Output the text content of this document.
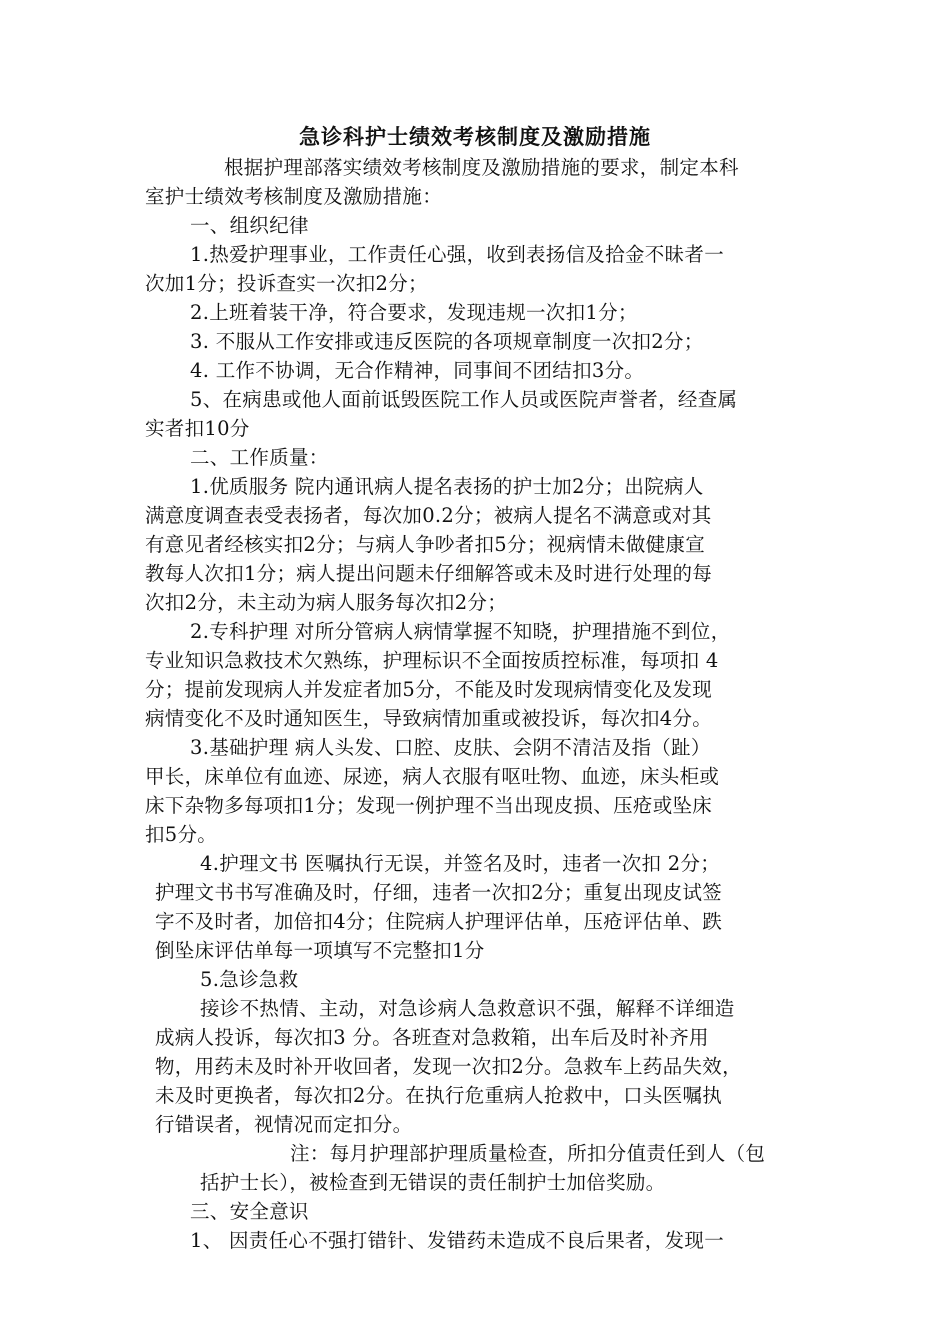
急诊科护士绩效考核制度及激励措施
根据护理部落实绩效考核制度及激励措施的要求，制定本科
室护士绩效考核制度及激励措施：
一、组织纪律
1.热爱护理事业，工作责任心强，收到表扬信及拾金不昧者一
次加1分；投诉查实一次扣2分；
2.上班着装干净，符合要求，发现违规一次扣1分；
3. 不服从工作安排或违反医院的各项规章制度一次扣2分；
4. 工作不协调，无合作精神，同事间不团结扣3分。
5、在病患或他人面前诋毁医院工作人员或医院声誉者，经查属
实者扣10分
二、工作质量：
1.优质服务 院内通讯病人提名表扬的护士加2分；出院病人
满意度调查表受表扬者，每次加0.2分；被病人提名不满意或对其
有意见者经核实扣2分；与病人争吵者扣5分；视病情未做健康宣
教每人次扣1分；病人提出问题未仔细解答或未及时进行处理的每
次扣2分，未主动为病人服务每次扣2分；
2.专科护理 对所分管病人病情掌握不知晓，护理措施不到位，
专业知识急救技术欠熟练，护理标识不全面按质控标准，每项扣 4
分；提前发现病人并发症者加5分，不能及时发现病情变化及发现
病情变化不及时通知医生，导致病情加重或被投诉，每次扣4分。
3.基础护理 病人头发、口腔、皮肤、会阴不清洁及指（趾）
甲长，床单位有血迹、尿迹，病人衣服有呕吐物、血迹，床头柜或
床下杂物多每项扣1分；发现一例护理不当出现皮损、压疮或坠床
扣5分。
4.护理文书 医嘱执行无误，并签名及时，违者一次扣 2分；
护理文书书写准确及时，仔细，违者一次扣2分；重复出现皮试签
字不及时者，加倍扣4分；住院病人护理评估单，压疮评估单、跌
倒坠床评估单每一项填写不完整扣1分
5.急诊急救
接诊不热情、主动，对急诊病人急救意识不强，解释不详细造
成病人投诉，每次扣3 分。各班查对急救箱，出车后及时补齐用
物，用药未及时补开收回者，发现一次扣2分。急救车上药品失效，
未及时更换者，每次扣2分。在执行危重病人抢救中，口头医嘱执
行错误者，视情况而定扣分。
注：每月护理部护理质量检查，所扣分值责任到人（包
括护士长），被检查到无错误的责任制护士加倍奖励。
三、安全意识
1、 因责任心不强打错针、发错药未造成不良后果者，发现一
